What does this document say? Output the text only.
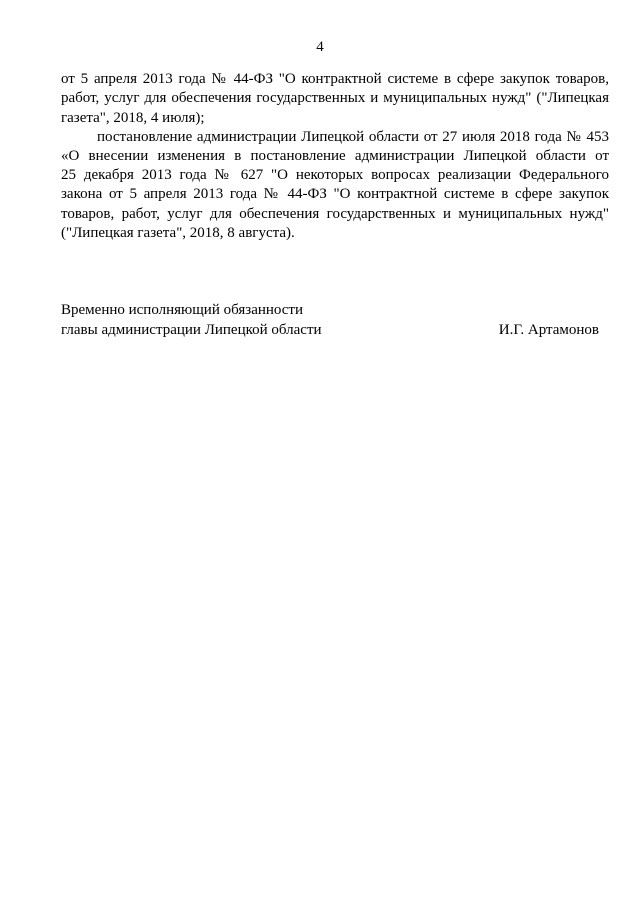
4

от 5 апреля 2013 года № 44-ФЗ "О контрактной системе в сфере закупок товаров,

работ, услуг для обеспечения государственных и муниципальных нужд" ("Липецкая

газета", 2018, 4 июля);

постановление администрации Липецкой области от 27 июля 2018 года № 453

«О внесении изменения в постановление администрации Липецкой области от

25 декабря 2013 года № 627 "О некоторых вопросах реализации Федерального

закона от 5 апреля 2013 года № 44-ФЗ "О контрактной системе в сфере закупок

товаров, работ, услуг для обеспечения государственных и муниципальных нужд"

("Липецкая газета", 2018, 8 августа).

Временно исполняющий обязанности
главы администрации Липецкой области	И.Г. Артамонов
